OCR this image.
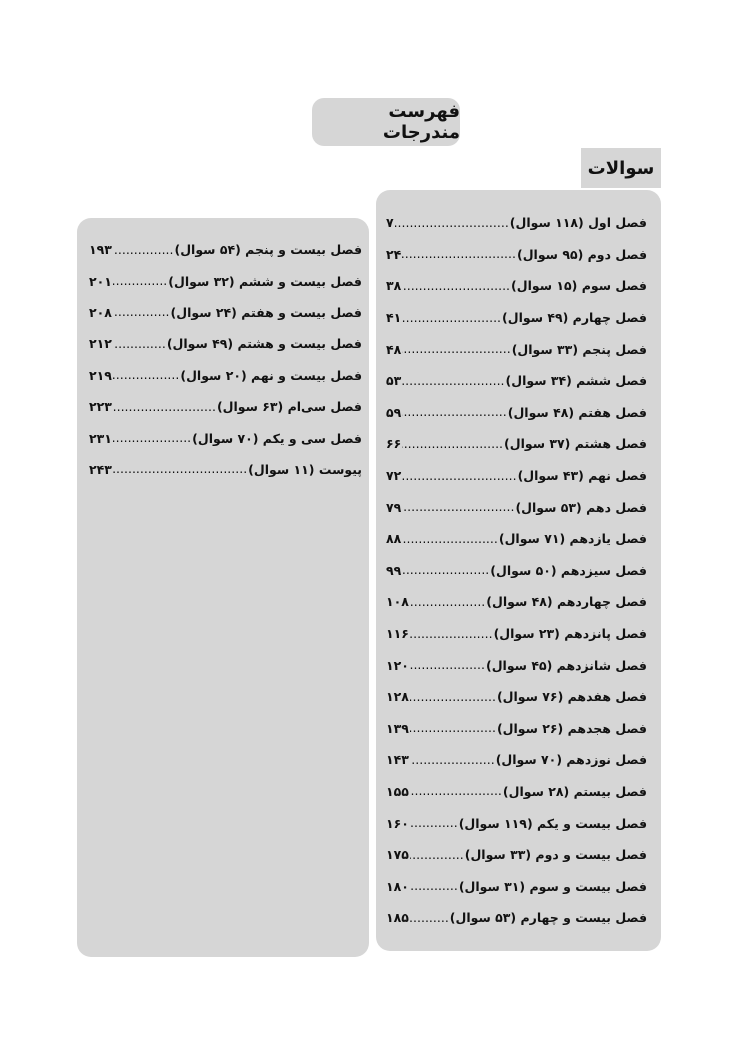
فهرست مندرجات
سوالات
فصل اول (۱۱۸ سوال)
.....
۷
فصل دوم (۹۵ سوال)
.....
۲۴
فصل سوم (۱۵ سوال)
.....
۳۸
فصل چهارم (۴۹ سوال)
.....
۴۱
فصل پنجم (۳۳ سوال)
.....
۴۸
فصل ششم (۳۴ سوال)
.....
۵۳
فصل هفتم (۴۸ سوال)
.....
۵۹
فصل هشتم (۳۷ سوال)
.....
۶۶
فصل نهم (۴۳ سوال)
.....
۷۲
فصل دهم (۵۳ سوال)
.....
۷۹
فصل یازدهم (۷۱ سوال)
.....
۸۸
فصل سیزدهم (۵۰ سوال)
.....
۹۹
فصل چهاردهم (۴۸ سوال)
.....
۱۰۸
فصل پانزدهم (۲۳ سوال)
.....
۱۱۶
فصل شانزدهم (۴۵ سوال)
.....
۱۲۰
فصل هفدهم (۷۶ سوال)
.....
۱۲۸
فصل هجدهم (۲۶ سوال)
.....
۱۳۹
فصل نوزدهم (۷۰ سوال)
.....
۱۴۳
فصل بیستم (۲۸ سوال)
.....
۱۵۵
فصل بیست و یکم (۱۱۹ سوال)
.....
۱۶۰
فصل بیست و دوم (۳۳ سوال)
.....
۱۷۵
فصل بیست و سوم (۳۱ سوال)
.....
۱۸۰
فصل بیست و چهارم (۵۳ سوال)
.....
۱۸۵
فصل بیست و پنجم (۵۴ سوال)
.....
۱۹۳
فصل بیست و ششم (۳۲ سوال)
.....
۲۰۱
فصل بیست و هفتم (۲۴ سوال)
.....
۲۰۸
فصل بیست و هشتم (۴۹ سوال)
.....
۲۱۲
فصل بیست و نهم (۲۰ سوال)
.....
۲۱۹
فصل سی‌ام (۶۳ سوال)
.....
۲۲۳
فصل سی و یکم (۷۰ سوال)
.....
۲۳۱
پیوست (۱۱ سوال)
.....
۲۴۳
